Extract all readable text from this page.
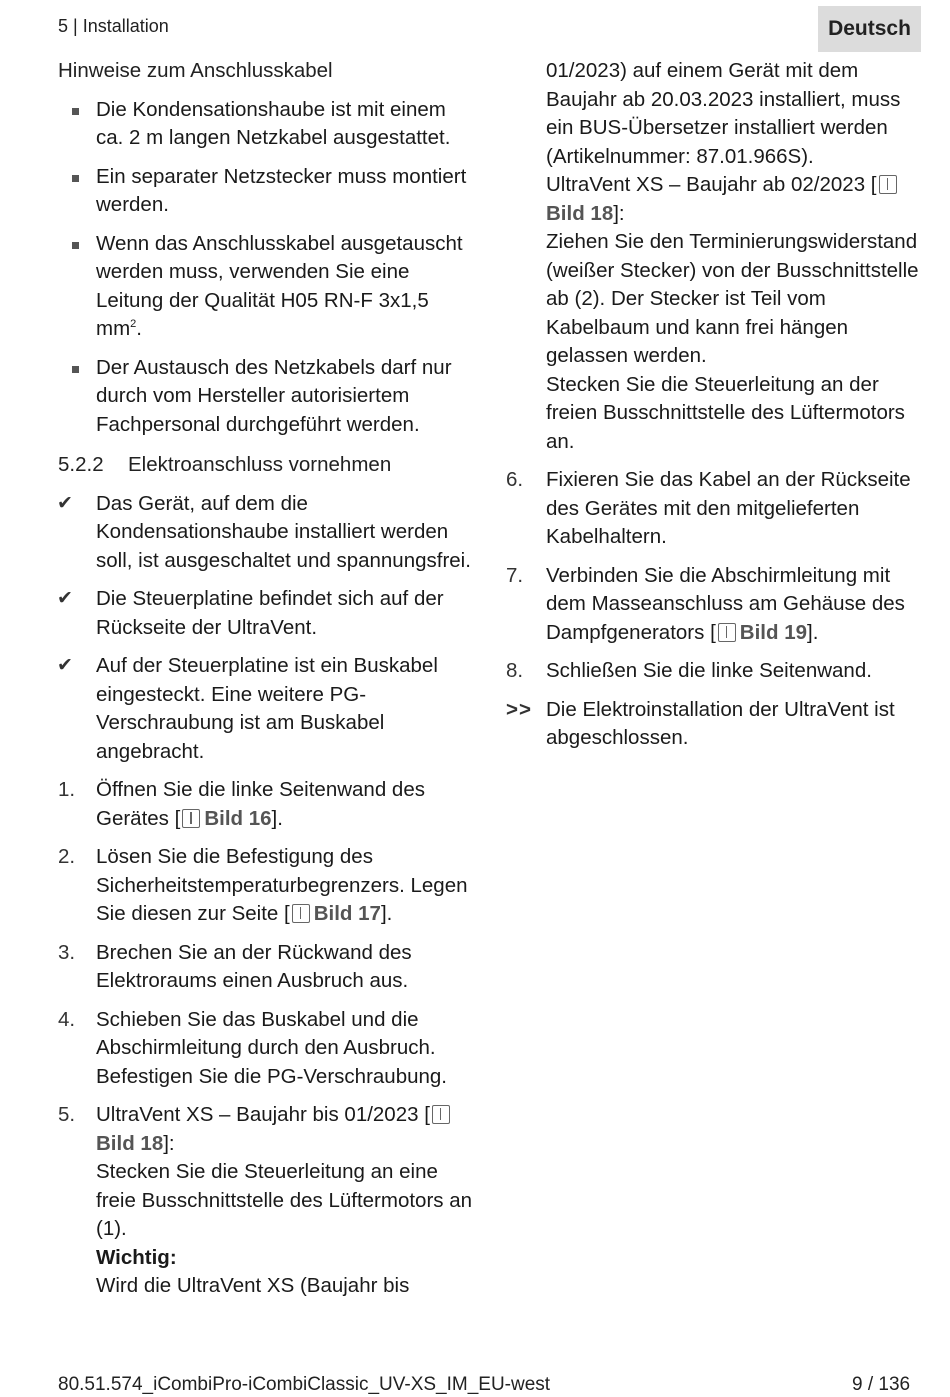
5 | Installation	Deutsch
Hinweise zum Anschlusskabel
Die Kondensationshaube ist mit einem ca. 2 m langen Netzkabel ausgestattet.
Ein separater Netzstecker muss montiert werden.
Wenn das Anschlusskabel ausgetauscht werden muss, verwenden Sie eine Leitung der Qualität H05 RN-F 3x1,5 $mm^2$.
Der Austausch des Netzkabels darf nur durch vom Hersteller autorisiertem Fachpersonal durchgeführt werden.
5.2.2 Elektroanschluss vornehmen
✔	Das Gerät, auf dem die Kondensationshaube installiert werden soll, ist ausgeschaltet und spannungsfrei.
✔	Die Steuerplatine befindet sich auf der Rückseite der UltraVent.
✔	Auf der Steuerplatine ist ein Buskabel eingesteckt. Eine weitere PG-Verschraubung ist am Buskabel angebracht.
1.	Öffnen Sie die linke Seitenwand des Gerätes [ Bild 16].
2.	Lösen Sie die Befestigung des Sicherheitstemperaturbegrenzers. Legen Sie diesen zur Seite [ Bild 17].
3.	Brechen Sie an der Rückwand des Elektroraums einen Ausbruch aus.
4.	Schieben Sie das Buskabel und die Abschirmleitung durch den Ausbruch. Befestigen Sie die PG-Verschraubung.
5.	UltraVent XS – Baujahr bis 01/2023 [Bild 18]:
Stecken Sie die Steuerleitung an eine freie Busschnittstelle des Lüftermotors an (1).
Wichtig:
Wird die UltraVent XS (Baujahr bis
01/2023) auf einem Gerät mit dem Baujahr ab 20.03.2023 installiert, muss ein BUS-Übersetzer installiert werden (Artikelnummer: 87.01.966S).
UltraVent XS – Baujahr ab 02/2023 [Bild 18]:
Ziehen Sie den Terminierungswiderstand (weißer Stecker) von der Busschnittstelle ab (2). Der Stecker ist Teil vom Kabelbaum und kann frei hängen gelassen werden.
Stecken Sie die Steuerleitung an der freien Busschnittstelle des Lüftermotors an.
6.	Fixieren Sie das Kabel an der Rückseite des Gerätes mit den mitgelieferten Kabelhaltern.
7.	Verbinden Sie die Abschirmleitung mit dem Masseanschluss am Gehäuse des Dampfgenerators [ Bild 19].
8.	Schließen Sie die linke Seitenwand.
>> Die Elektroinstallation der UltraVent ist abgeschlossen.
80.51.574_iCombiPro-iCombiClassic_UV-XS_IM_EU-west	9 / 136
